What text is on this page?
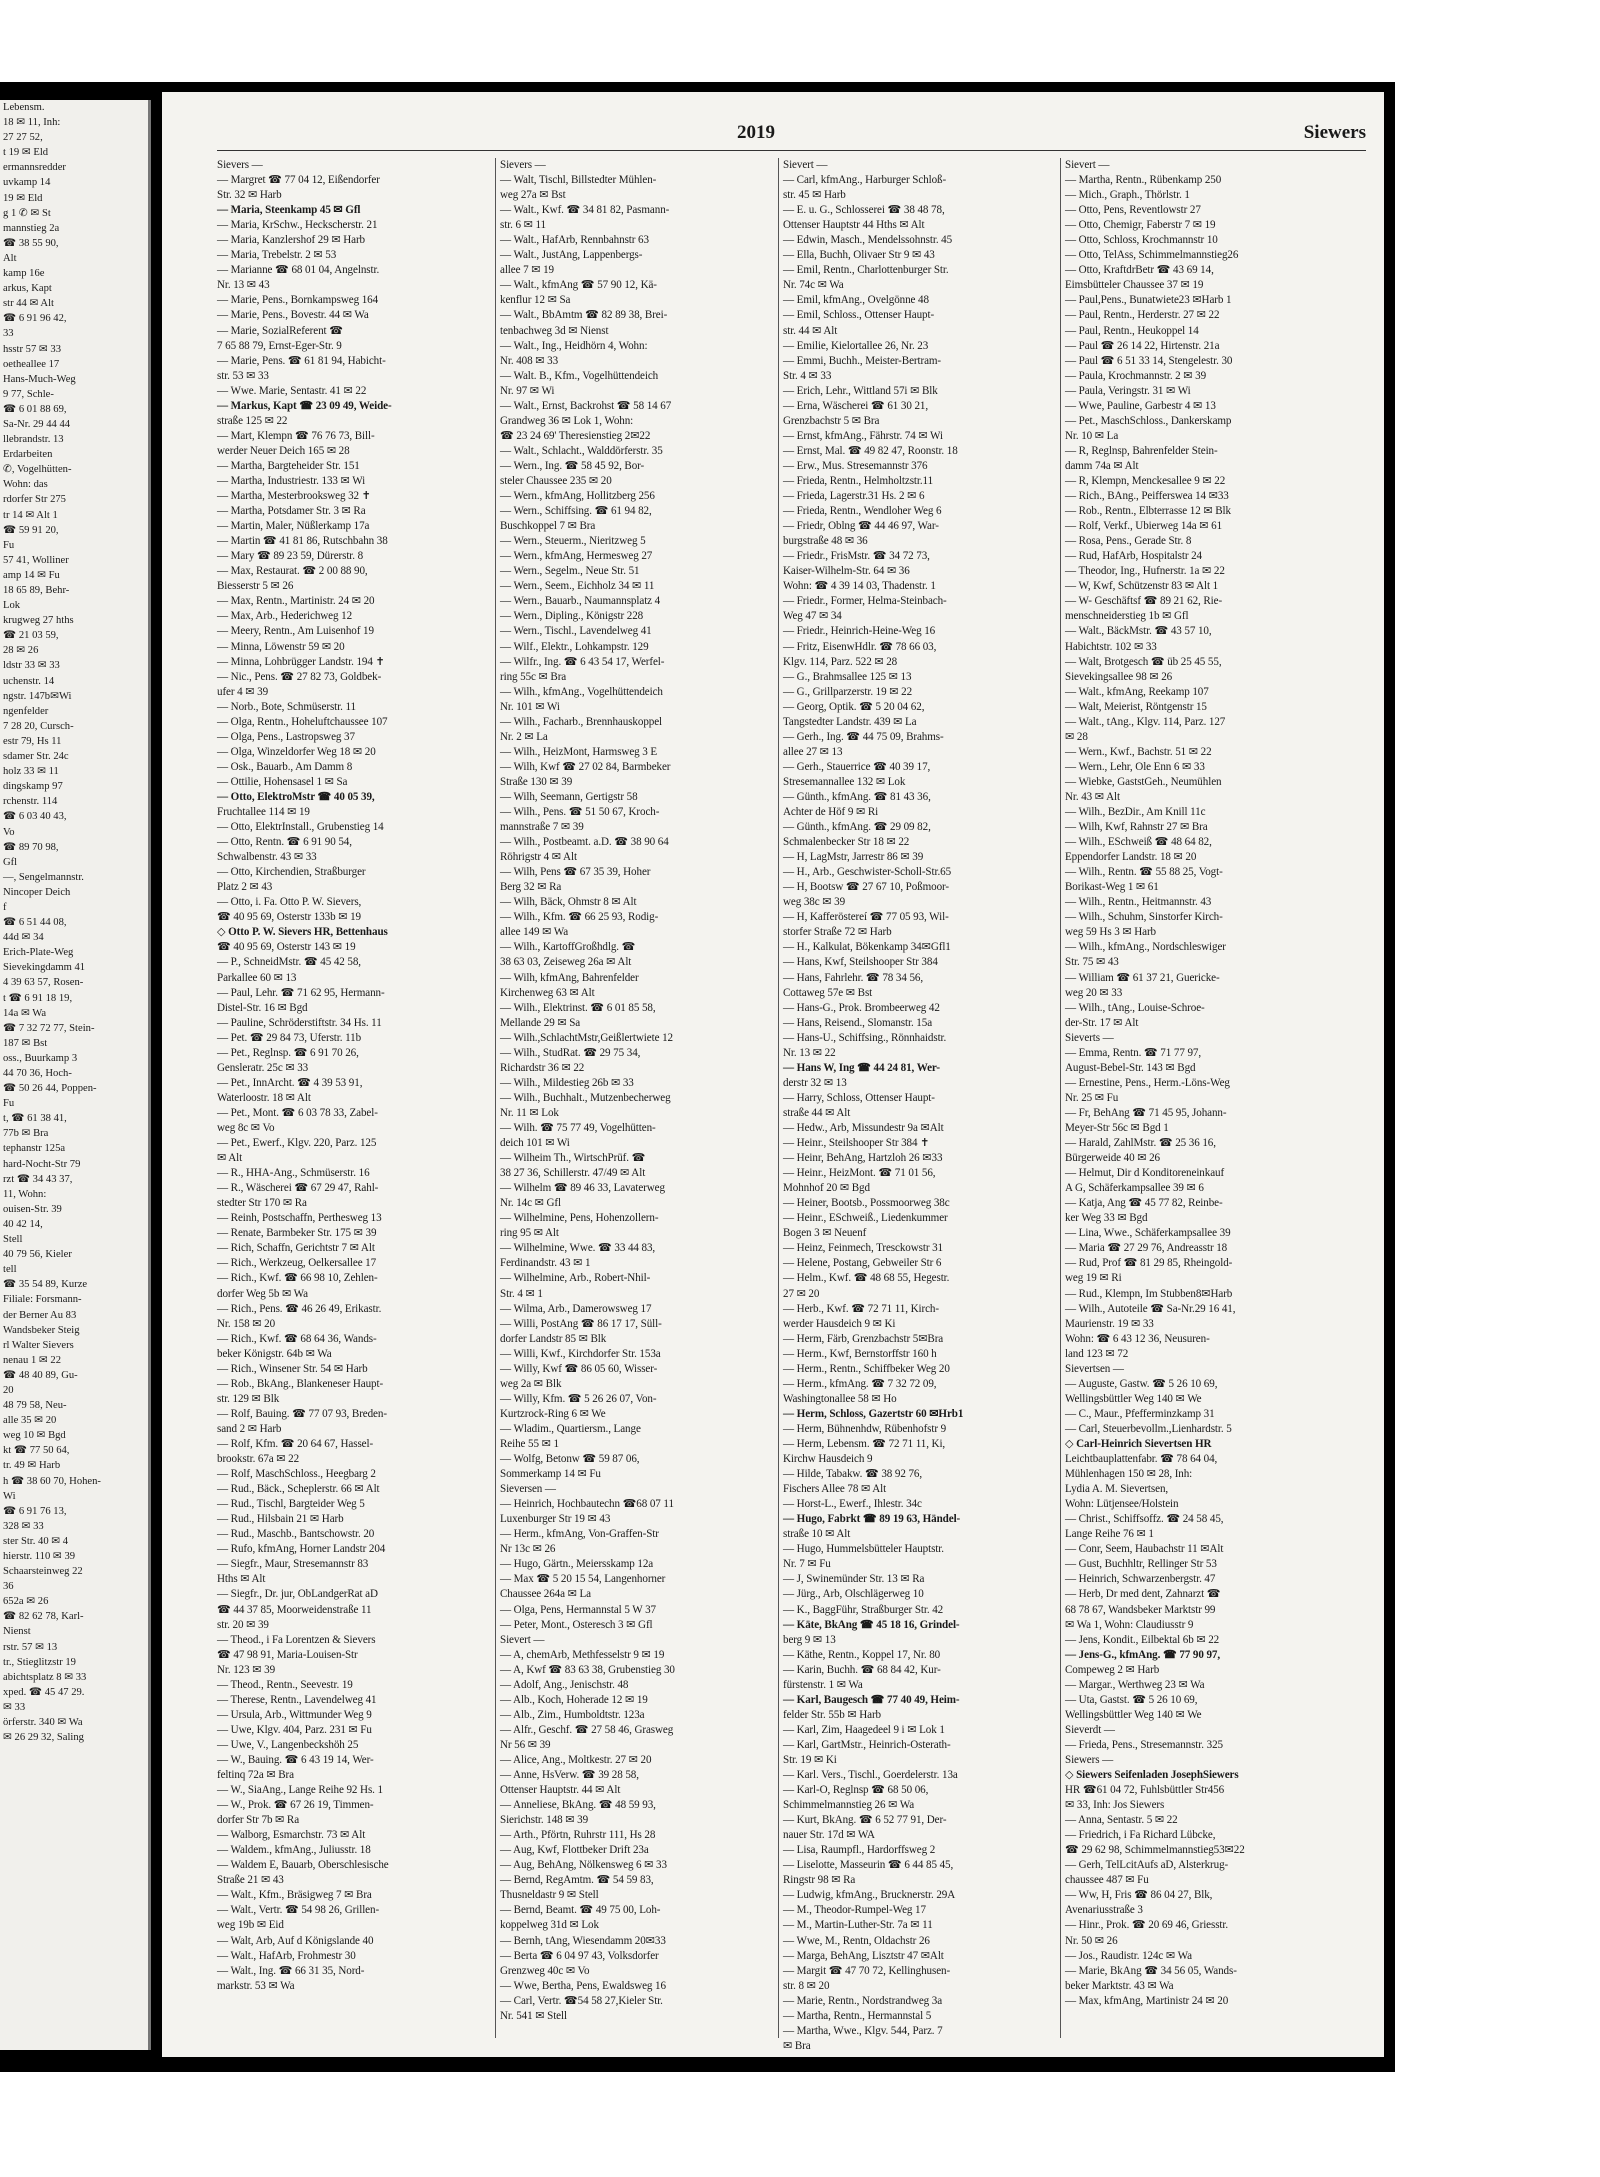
Lebensm.
18 ✉ 11, Inh:
27 27 52,
t 19 ✉ Eld
ermannsredder
uvkamp 14
19 ✉ Eld
g 1 ✆ ✉ St
mannstieg 2a
☎ 38 55 90,
Alt
kamp 16e
arkus, Kapt
str 44 ✉ Alt
☎ 6 91 96 42,
33
hsstr 57 ✉ 33
oetheallee 17
Hans-Much-Weg
9 77, Schle-
☎ 6 01 88 69,
Sa-Nr. 29 44 44
llebrandstr. 13
Erdarbeiten
✆, Vogelhütten-
Wohn: das
rdorfer Str 275
tr 14 ✉ Alt 1
☎ 59 91 20,
Fu
57 41, Wolliner
amp 14 ✉ Fu
18 65 89, Behr-
Lok
krugweg 27 hths
☎ 21 03 59,
28 ✉ 26
ldstr 33 ✉ 33
uchenstr. 14
ngstr. 147b✉Wi
ngenfelder
7 28 20, Cursch-
estr 79, Hs 11
sdamer Str. 24c
holz 33 ✉ 11
dingskamp 97
rchenstr. 114
☎ 6 03 40 43,
Vo
☎ 89 70 98,
Gfl
—, Sengelmannstr.
Nincoper Deich
f
☎ 6 51 44 08,
44d ✉ 34
Erich-Plate-Weg
Sievekingdamm 41
4 39 63 57, Rosen-
t ☎ 6 91 18 19,
14a ✉ Wa
☎ 7 32 72 77, Stein-
187 ✉ Bst
oss., Buurkamp 3
44 70 36, Hoch-
☎ 50 26 44, Poppen-
Fu
t, ☎ 61 38 41,
77b ✉ Bra
tephanstr 125a
hard-Nocht-Str 79
rzt ☎ 34 43 37,
11, Wohn:
ouisen-Str. 39
40 42 14,
Stell
40 79 56, Kieler
tell
☎ 35 54 89, Kurze
Filiale: Forsmann-
der Berner Au 83
Wandsbeker Steig
rl Walter Sievers
nenau 1 ✉ 22
☎ 48 40 89, Gu-
20
48 79 58, Neu-
alle 35 ✉ 20
weg 10 ✉ Bgd
kt ☎ 77 50 64,
tr. 49 ✉ Harb
h ☎ 38 60 70, Hohen-
Wi
☎ 6 91 76 13,
328 ✉ 33
ster Str. 40 ✉ 4
hierstr. 110 ✉ 39
Schaarsteinweg 22
36
652a ✉ 26
☎ 82 62 78, Karl-
Nienst
rstr. 57 ✉ 13
tr., Stieglitzstr 19
abichtsplatz 8 ✉ 33
xped. ☎ 45 47 29.
✉ 33
örferstr. 340 ✉ Wa
✉ 26 29 32, Saling
2019	Siewers
Sievers —
— Margret ☎ 77 04 12, Eißendorfer
Str. 32 ✉ Harb
— Maria, Steenkamp 45 ✉ Gfl
— Maria, KrSchw., Heckscherstr. 21
— Maria, Kanzlershof 29 ✉ Harb
— Maria, Trebelstr. 2 ✉ 53
— Marianne ☎ 68 01 04, Angelnstr.
Nr. 13 ✉ 43
— Marie, Pens., Bornkampsweg 164
— Marie, Pens., Bovestr. 44 ✉ Wa
— Marie, SozialReferent ☎
7 65 88 79, Ernst-Eger-Str. 9
— Marie, Pens. ☎ 61 81 94, Habicht-
str. 53 ✉ 33
— Wwe. Marie, Sentastr. 41 ✉ 22
— Markus, Kapt ☎ 23 09 49, Weide-
straße 125 ✉ 22
— Mart, Klempn ☎ 76 76 73, Bill-
werder Neuer Deich 165 ✉ 28
— Martha, Bargteheider Str. 151
— Martha, Industriestr. 133 ✉ Wi
— Martha, Mesterbrooksweg 32 ✝
— Martha, Potsdamer Str. 3 ✉ Ra
— Martin, Maler, Nüßlerkamp 17a
— Martin ☎ 41 81 86, Rutschbahn 38
— Mary ☎ 89 23 59, Dürerstr. 8
— Max, Restaurat. ☎ 2 00 88 90,
Biesserstr 5 ✉ 26
— Max, Rentn., Martinistr. 24 ✉ 20
— Max, Arb., Hederichweg 12
— Meery, Rentn., Am Luisenhof 19
— Minna, Löwenstr 59 ✉ 20
— Minna, Lohbrügger Landstr. 194 ✝
— Nic., Pens. ☎ 27 82 73, Goldbek-
ufer 4 ✉ 39
— Norb., Bote, Schmüserstr. 11
— Olga, Rentn., Hoheluftchaussee 107
— Olga, Pens., Lastropsweg 37
— Olga, Winzeldorfer Weg 18 ✉ 20
— Osk., Bauarb., Am Damm 8
— Ottilie, Hohensasel 1 ✉ Sa
— Otto, ElektroMstr ☎ 40 05 39,
Fruchtallee 114 ✉ 19
— Otto, ElektrInstall., Grubenstieg 14
— Otto, Rentn. ☎ 6 91 90 54,
Schwalbenstr. 43 ✉ 33
— Otto, Kirchendien, Straßburger
Platz 2 ✉ 43
— Otto, i. Fa. Otto P. W. Sievers,
☎ 40 95 69, Osterstr 133b ✉ 19
◇ Otto P. W. Sievers HR, Bettenhaus
☎ 40 95 69, Osterstr 143 ✉ 19
— P., SchneidMstr. ☎ 45 42 58,
Parkallee 60 ✉ 13
— Paul, Lehr. ☎ 71 62 95, Hermann-
Distel-Str. 16 ✉ Bgd
— Pauline, Schröderstiftstr. 34 Hs. 11
— Pet. ☎ 29 84 73, Uferstr. 11b
— Pet., Reglnsp. ☎ 6 91 70 26,
Gensleratr. 25c ✉ 33
— Pet., InnArcht. ☎ 4 39 53 91,
Waterloostr. 18 ✉ Alt
— Pet., Mont. ☎ 6 03 78 33, Zabel-
weg 8c ✉ Vo
— Pet., Ewerf., Klgv. 220, Parz. 125
✉ Alt
— R., HHA-Ang., Schmüserstr. 16
— R., Wäscherei ☎ 67 29 47, Rahl-
stedter Str 170 ✉ Ra
— Reinh, Postschaffn, Perthesweg 13
— Renate, Barmbeker Str. 175 ✉ 39
— Rich, Schaffn, Gerichtstr 7 ✉ Alt
— Rich., Werkzeug, Oelkersallee 17
— Rich., Kwf. ☎ 66 98 10, Zehlen-
dorfer Weg 5b ✉ Wa
— Rich., Pens. ☎ 46 26 49, Erikastr.
Nr. 158 ✉ 20
— Rich., Kwf. ☎ 68 64 36, Wands-
beker Königstr. 64b ✉ Wa
— Rich., Winsener Str. 54 ✉ Harb
— Rob., BkAng., Blankeneser Haupt-
str. 129 ✉ Blk
— Rolf, Bauing. ☎ 77 07 93, Breden-
sand 2 ✉ Harb
— Rolf, Kfm. ☎ 20 64 67, Hassel-
brookstr. 67a ✉ 22
— Rolf, MaschSchloss., Heegbarg 2
— Rud., Bäck., Scheplerstr. 66 ✉ Alt
— Rud., Tischl, Bargteider Weg 5
— Rud., Hilsbain 21 ✉ Harb
— Rud., Maschb., Bantschowstr. 20
— Rufo, kfmAng, Horner Landstr 204
— Siegfr., Maur, Stresemannstr 83
Hths ✉ Alt
— Siegfr., Dr. jur, ObLandgerRat aD
☎ 44 37 85, Moorweidenstraße 11
str. 20 ✉ 39
— Theod., i Fa Lorentzen & Sievers
☎ 47 98 91, Maria-Louisen-Str
Nr. 123 ✉ 39
— Theod., Rentn., Seevestr. 19
— Therese, Rentn., Lavendelweg 41
— Ursula, Arb., Wittmunder Weg 9
— Uwe, Klgv. 404, Parz. 231 ✉ Fu
— Uwe, V., Langenbeckshöh 25
— W., Bauing. ☎ 6 43 19 14, Wer-
feltinq 72a ✉ Bra
— W., SiaAng., Lange Reihe 92 Hs. 1
— W., Prok. ☎ 67 26 19, Timmen-
dorfer Str 7b ✉ Ra
— Walborg, Esmarchstr. 73 ✉ Alt
— Waldem., kfmAng., Juliusstr. 18
— Waldem E, Bauarb, Oberschlesische
Straße 21 ✉ 43
— Walt., Kfm., Bräsigweg 7 ✉ Bra
— Walt., Vertr. ☎ 54 98 26, Grillen-
weg 19b ✉ Eid
— Walt, Arb, Auf d Königslande 40
— Walt., HafArb, Frohmestr 30
— Walt., Ing. ☎ 66 31 35, Nord-
markstr. 53 ✉ Wa
Sievers —
— Walt, Tischl, Billstedter Mühlen-
weg 27a ✉ Bst
— Walt., Kwf. ☎ 34 81 82, Pasmann-
str. 6 ✉ 11
— Walt., HafArb, Rennbahnstr 63
— Walt., JustAng, Lappenbergs-
allee 7 ✉ 19
— Walt., kfmAng ☎ 57 90 12, Kä-
kenflur 12 ✉ Sa
— Walt., BbAmtm ☎ 82 89 38, Brei-
tenbachweg 3d ✉ Nienst
— Walt., Ing., Heidhörn 4, Wohn:
Nr. 408 ✉ 33
— Walt. B., Kfm., Vogelhüttendeich
Nr. 97 ✉ Wi
— Walt., Ernst, Backrohst ☎ 58 14 67
Grandweg 36 ✉ Lok 1, Wohn:
☎ 23 24 69' Theresienstieg 2✉22
— Walt., Schlacht., Walddörferstr. 35
— Wern., Ing. ☎ 58 45 92, Bor-
steler Chaussee 235 ✉ 20
— Wern., kfmAng, Hollitzberg 256
— Wern., Schiffsing. ☎ 61 94 82,
Buschkoppel 7 ✉ Bra
— Wern., Steuerm., Nieritzweg 5
— Wern., kfmAng, Hermesweg 27
— Wern., Segelm., Neue Str. 51
— Wern., Seem., Eichholz 34 ✉ 11
— Wern., Bauarb., Naumannsplatz 4
— Wern., Dipling., Königstr 228
— Wern., Tischl., Lavendelweg 41
— Wilf., Elektr., Lohkampstr. 129
— Wilfr., Ing. ☎ 6 43 54 17, Werfel-
ring 55c ✉ Bra
— Wilh., kfmAng., Vogelhüttendeich
Nr. 101 ✉ Wi
— Wilh., Facharb., Brennhauskoppel
Nr. 2 ✉ La
— Wilh., HeizMont, Harmsweg 3 E
— Wilh, Kwf ☎ 27 02 84, Barmbeker
Straße 130 ✉ 39
— Wilh, Seemann, Gertigstr 58
— Wilh., Pens. ☎ 51 50 67, Kroch-
mannstraße 7 ✉ 39
— Wilh., Postbeamt. a.D. ☎ 38 90 64
Röhrigstr 4 ✉ Alt
— Wilh, Pens ☎ 67 35 39, Hoher
Berg 32 ✉ Ra
— Wilh, Bäck, Ohmstr 8 ✉ Alt
— Wilh., Kfm. ☎ 66 25 93, Rodig-
allee 149 ✉ Wa
— Wilh., KartoffGroßhdlg. ☎
38 63 03, Zeiseweg 26a ✉ Alt
— Wilh, kfmAng, Bahrenfelder
Kirchenweg 63 ✉ Alt
— Wilh., Elektrinst. ☎ 6 01 85 58,
Mellande 29 ✉ Sa
— Wilh.,SchlachtMstr,Geißlertwiete 12
— Wilh., StudRat. ☎ 29 75 34,
Richardstr 36 ✉ 22
— Wilh., Mildestieg 26b ✉ 33
— Wilh., Buchhalt., Mutzenbecherweg
Nr. 11 ✉ Lok
— Wilh. ☎ 75 77 49, Vogelhütten-
deich 101 ✉ Wi
— Wilheim Th., WirtschPrüf. ☎
38 27 36, Schillerstr. 47/49 ✉ Alt
— Wilhelm ☎ 89 46 33, Lavaterweg
Nr. 14c ✉ Gfl
— Wilhelmine, Pens, Hohenzollern-
ring 95 ✉ Alt
— Wilhelmine, Wwe. ☎ 33 44 83,
Ferdinandstr. 43 ✉ 1
— Wilhelmine, Arb., Robert-Nhil-
Str. 4 ✉ 1
— Wilma, Arb., Damerowsweg 17
— Willi, PostAng ☎ 86 17 17, Süll-
dorfer Landstr 85 ✉ Blk
— Willi, Kwf., Kirchdorfer Str. 153a
— Willy, Kwf ☎ 86 05 60, Wisser-
weg 2a ✉ Blk
— Willy, Kfm. ☎ 5 26 26 07, Von-
Kurtzrock-Ring 6 ✉ We
— Wladim., Quartiersm., Lange
Reihe 55 ✉ 1
— Wolfg, Betonw ☎ 59 87 06,
Sommerkamp 14 ✉ Fu
Sieversen —
— Heinrich, Hochbautechn ☎68 07 11
Luxenburger Str 19 ✉ 43
— Herm., kfmAng, Von-Graffen-Str
Nr 13c ✉ 26
— Hugo, Gärtn., Meiersskamp 12a
— Max ☎ 5 20 15 54, Langenhorner
Chaussee 264a ✉ La
— Olga, Pens, Hermannstal 5 W 37
— Peter, Mont., Osteresch 3 ✉ Gfl
Sievert —
— A, chemArb, Methfesselstr 9 ✉ 19
— A, Kwf ☎ 83 63 38, Grubenstieg 30
— Adolf, Ang., Jenischstr. 48
— Alb., Koch, Hoherade 12 ✉ 19
— Alb., Zim., Humboldtstr. 123a
— Alfr., Geschf. ☎ 27 58 46, Grasweg
Nr 56 ✉ 39
— Alice, Ang., Moltkestr. 27 ✉ 20
— Anne, HsVerw. ☎ 39 28 58,
Ottenser Hauptstr. 44 ✉ Alt
— Anneliese, BkAng. ☎ 48 59 93,
Sierichstr. 148 ✉ 39
— Arth., Pförtn, Ruhrstr 111, Hs 28
— Aug, Kwf, Flottbeker Drift 23a
— Aug, BehAng, Nölkensweg 6 ✉ 33
— Bernd, RegAmtm. ☎ 54 59 83,
Thusneldastr 9 ✉ Stell
— Bernd, Beamt. ☎ 49 75 00, Loh-
koppelweg 31d ✉ Lok
— Bernh, tAng, Wiesendamm 20✉33
— Berta ☎ 6 04 97 43, Volksdorfer
Grenzweg 40c ✉ Vo
— Wwe, Bertha, Pens, Ewaldsweg 16
— Carl, Vertr. ☎54 58 27,Kieler Str.
Nr. 541 ✉ Stell
Sievert —
— Carl, kfmAng., Harburger Schloß-
str. 45 ✉ Harb
— E. u. G., Schlosserei ☎ 38 48 78,
Ottenser Hauptstr 44 Hths ✉ Alt
— Edwin, Masch., Mendelssohnstr. 45
— Ella, Buchh, Olivaer Str 9 ✉ 43
— Emil, Rentn., Charlottenburger Str.
Nr. 74c ✉ Wa
— Emil, kfmAng., Ovelgönne 48
— Emil, Schloss., Ottenser Haupt-
str. 44 ✉ Alt
— Emilie, Kielortallee 26, Nr. 23
— Emmi, Buchh., Meister-Bertram-
Str. 4 ✉ 33
— Erich, Lehr., Wittland 57i ✉ Blk
— Erna, Wäscherei ☎ 61 30 21,
Grenzbachstr 5 ✉ Bra
— Ernst, kfmAng., Fährstr. 74 ✉ Wi
— Ernst, Mal. ☎ 49 82 47, Roonstr. 18
— Erw., Mus. Stresemannstr 376
— Frieda, Rentn., Helmholtzstr.11
— Frieda, Lagerstr.31 Hs. 2 ✉ 6
— Frieda, Rentn., Wendloher Weg 6
— Friedr, Oblng ☎ 44 46 97, War-
burgstraße 48 ✉ 36
— Friedr., FrisMstr. ☎ 34 72 73,
Kaiser-Wilhelm-Str. 64 ✉ 36
Wohn: ☎ 4 39 14 03, Thadenstr. 1
— Friedr., Former, Helma-Steinbach-
Weg 47 ✉ 34
— Friedr., Heinrich-Heine-Weg 16
— Fritz, EisenwHdlr. ☎ 78 66 03,
Klgv. 114, Parz. 522 ✉ 28
— G., Brahmsallee 125 ✉ 13
— G., Grillparzerstr. 19 ✉ 22
— Georg, Optik. ☎ 5 20 04 62,
Tangstedter Landstr. 439 ✉ La
— Gerh., Ing. ☎ 44 75 09, Brahms-
allee 27 ✉ 13
— Gerh., Stauerrice ☎ 40 39 17,
Stresemannallee 132 ✉ Lok
— Günth., kfmAng. ☎ 81 43 36,
Achter de Höf 9 ✉ Ri
— Günth., kfmAng. ☎ 29 09 82,
Schmalenbecker Str 18 ✉ 22
— H, LagMstr, Jarrestr 86 ✉ 39
— H., Arb., Geschwister-Scholl-Str.65
— H, Bootsw ☎ 27 67 10, Poßmoor-
weg 38c ✉ 39
— H, Kafferöstereí ☎ 77 05 93, Wil-
storfer Straße 72 ✉ Harb
— H., Kalkulat, Bökenkamp 34✉Gfl1
— Hans, Kwf, Steilshooper Str 384
— Hans, Fahrlehr. ☎ 78 34 56,
Cottaweg 57e ✉ Bst
— Hans-G., Prok. Brombeerweg 42
— Hans, Reisend., Slomanstr. 15a
— Hans-U., Schiffsing., Rönnhaidstr.
Nr. 13 ✉ 22
— Hans W, Ing ☎ 44 24 81, Wer-
derstr 32 ✉ 13
— Harry, Schloss, Ottenser Haupt-
straße 44 ✉ Alt
— Hedw., Arb, Missundestr 9a ✉Alt
— Heinr., Steilshooper Str 384 ✝
— Heinr, BehAng, Hartzloh 26 ✉33
— Heinr., HeizMont. ☎ 71 01 56,
Mohnhof 20 ✉ Bgd
— Heiner, Bootsb., Possmoorweg 38c
— Heinr., ESchweiß., Liedenkummer
Bogen 3 ✉ Neuenf
— Heinz, Feinmech, Tresckowstr 31
— Helene, Postang, Gebweiler Str 6
— Helm., Kwf. ☎ 48 68 55, Hegestr.
27 ✉ 20
— Herb., Kwf. ☎ 72 71 11, Kirch-
werder Hausdeich 9 ✉ Ki
— Herm, Färb, Grenzbachstr 5✉Bra
— Herm., Kwf, Bernstorffstr 160 h
— Herm., Rentn., Schiffbeker Weg 20
— Herm., kfmAng. ☎ 7 32 72 09,
Washingtonallee 58 ✉ Ho
— Herm, Schloss, Gazertstr 60 ✉Hrb1
— Herm, Bühnenhdw, Rübenhofstr 9
— Herm, Lebensm. ☎ 72 71 11, Ki,
Kirchw Hausdeich 9
— Hilde, Tabakw. ☎ 38 92 76,
Fischers Allee 78 ✉ Alt
— Horst-L., Ewerf., Ihlestr. 34c
— Hugo, Fabrkt ☎ 89 19 63, Händel-
straße 10 ✉ Alt
— Hugo, Hummelsbütteler Hauptstr.
Nr. 7 ✉ Fu
— J, Swinemünder Str. 13 ✉ Ra
— Jürg., Arb, Olschlägerweg 10
— K., BaggFühr, Straßburger Str. 42
— Käte, BkAng ☎ 45 18 16, Grindel-
berg 9 ✉ 13
— Käthe, Rentn., Koppel 17, Nr. 80
— Karin, Buchh. ☎ 68 84 42, Kur-
fürstenstr. 1 ✉ Wa
— Karl, Baugesch ☎ 77 40 49, Heim-
felder Str. 55b ✉ Harb
— Karl, Zim, Haagedeel 9 i ✉ Lok 1
— Karl, GartMstr., Heinrich-Osterath-
Str. 19 ✉ Ki
— Karl. Vers., Tischl., Goerdelerstr. 13a
— Karl-O, Reglnsp ☎ 68 50 06,
Schimmelmannstieg 26 ✉ Wa
— Kurt, BkAng. ☎ 6 52 77 91, Der-
nauer Str. 17d ✉ WA
— Lisa, Raumpfl., Hardorffsweg 2
— Liselotte, Masseurin ☎ 6 44 85 45,
Ringstr 98 ✉ Ra
— Ludwig, kfmAng., Brucknerstr. 29A
— M., Theodor-Rumpel-Weg 17
— M., Martin-Luther-Str. 7a ✉ 11
— Wwe, M., Rentn, Oldachstr 26
— Marga, BehAng, Lisztstr 47 ✉Alt
— Margit ☎ 47 70 72, Kellinghusen-
str. 8 ✉ 20
— Marie, Rentn., Nordstrandweg 3a
— Martha, Rentn., Hermannstal 5
— Martha, Wwe., Klgv. 544, Parz. 7
✉ Bra
Sievert —
— Martha, Rentn., Rübenkamp 250
— Mich., Graph., Thörlstr. 1
— Otto, Pens, Reventlowstr 27
— Otto, Chemigr, Faberstr 7 ✉ 19
— Otto, Schloss, Krochmannstr 10
— Otto, TelAss, Schimmelmannstieg26
— Otto, KraftdrBetr ☎ 43 69 14,
Eimsbütteler Chaussee 37 ✉ 19
— Paul,Pens., Bunatwiete23 ✉Harb 1
— Paul, Rentn., Herderstr. 27 ✉ 22
— Paul, Rentn., Heukoppel 14
— Paul ☎ 26 14 22, Hirtenstr. 21a
— Paul ☎ 6 51 33 14, Stengelestr. 30
— Paula, Krochmannstr. 2 ✉ 39
— Paula, Veringstr. 31 ✉ Wi
— Wwe, Pauline, Garbestr 4 ✉ 13
— Pet., MaschSchloss., Dankerskamp
Nr. 10 ✉ La
— R, Reglnsp, Bahrenfelder Stein-
damm 74a ✉ Alt
— R, Klempn, Menckesallee 9 ✉ 22
— Rich., BAng., Peifferswea 14 ✉33
— Rob., Rentn., Elbterrasse 12 ✉ Blk
— Rolf, Verkf., Ubierweg 14a ✉ 61
— Rosa, Pens., Gerade Str. 8
— Rud, HafArb, Hospitalstr 24
— Theodor, Ing., Hufnerstr. 1a ✉ 22
— W, Kwf, Schützenstr 83 ✉ Alt 1
— W- Geschäftsf ☎ 89 21 62, Rie-
menschneiderstieg 1b ✉ Gfl
— Walt., BäckMstr. ☎ 43 57 10,
Habichtstr. 102 ✉ 33
— Walt, Brotgesch ☎ üb 25 45 55,
Sievekingsallee 98 ✉ 26
— Walt., kfmAng, Reekamp 107
— Walt, Meierist, Röntgenstr 15
— Walt., tAng., Klgv. 114, Parz. 127
✉ 28
— Wern., Kwf., Bachstr. 51 ✉ 22
— Wern., Lehr, Ole Enn 6 ✉ 33
— Wiebke, GaststGeh., Neumühlen
Nr. 43 ✉ Alt
— Wilh., BezDir., Am Knill 11c
— Wilh, Kwf, Rahnstr 27 ✉ Bra
— Wilh., ESchweiß ☎ 48 64 82,
Eppendorfer Landstr. 18 ✉ 20
— Wilh., Rentn. ☎ 55 88 25, Vogt-
Borikast-Weg 1 ✉ 61
— Wilh., Rentn., Heitmannstr. 43
— Wilh., Schuhm, Sinstorfer Kirch-
weg 59 Hs 3 ✉ Harb
— Wilh., kfmAng., Nordschleswiger
Str. 75 ✉ 43
— William ☎ 61 37 21, Guericke-
weg 20 ✉ 33
— Wilh., tAng., Louise-Schroe-
der-Str. 17 ✉ Alt
Sieverts —
— Emma, Rentn. ☎ 71 77 97,
August-Bebel-Str. 143 ✉ Bgd
— Ernestine, Pens., Herm.-Löns-Weg
Nr. 25 ✉ Fu
— Fr, BehAng ☎ 71 45 95, Johann-
Meyer-Str 56c ✉ Bgd 1
— Harald, ZahlMstr. ☎ 25 36 16,
Bürgerweide 40 ✉ 26
— Helmut, Dir d Konditoreneinkauf
A G, Schäferkampsallee 39 ✉ 6
— Katja, Ang ☎ 45 77 82, Reinbe-
ker Weg 33 ✉ Bgd
— Lina, Wwe., Schäferkampsallee 39
— Maria ☎ 27 29 76, Andreasstr 18
— Rud, Prof ☎ 81 29 85, Rheingold-
weg 19 ✉ Ri
— Rud., Klempn, Im Stubben8✉Harb
— Wilh., Autoteile ☎ Sa-Nr.29 16 41,
Maurienstr. 19 ✉ 33
Wohn: ☎ 6 43 12 36, Neusuren-
land 123 ✉ 72
Sievertsen —
— Auguste, Gastw. ☎ 5 26 10 69,
Wellingsbüttler Weg 140 ✉ We
— C., Maur., Pfefferminzkamp 31
— Carl, Steuerbevollm.,Lienhardstr. 5
◇ Carl-Heinrich Sievertsen HR
Leichtbauplattenfabr. ☎ 78 64 04,
Mühlenhagen 150 ✉ 28, Inh:
Lydia A. M. Sievertsen,
Wohn: Lütjensee/Holstein
— Christ., Schiffsoffz. ☎ 24 58 45,
Lange Reihe 76 ✉ 1
— Conr, Seem, Haubachstr 11 ✉Alt
— Gust, Buchhltr, Rellinger Str 53
— Heinrich, Schwarzenbergstr. 47
— Herb, Dr med dent, Zahnarzt ☎
68 78 67, Wandsbeker Marktstr 99
✉ Wa 1, Wohn: Claudiusstr 9
— Jens, Kondit., Eilbektal 6b ✉ 22
— Jens-G., kfmAng. ☎ 77 90 97,
Compeweg 2 ✉ Harb
— Margar., Werthweg 23 ✉ Wa
— Uta, Gastst. ☎ 5 26 10 69,
Wellingsbüttler Weg 140 ✉ We
Sieverdt —
— Frieda, Pens., Stresemannstr. 325
Siewers —
◇ Siewers Seifenladen JosephSiewers
HR ☎61 04 72, Fuhlsbüttler Str456
✉ 33, Inh: Jos Siewers
— Anna, Sentastr. 5 ✉ 22
— Friedrich, i Fa Richard Lübcke,
☎ 29 62 98, Schimmelmannstieg53✉22
— Gerh, TelLcitAufs aD, Alsterkrug-
chaussee 487 ✉ Fu
— Ww, H, Fris ☎ 86 04 27, Blk,
Avenariusstraße 3
— Hinr., Prok. ☎ 20 69 46, Griesstr.
Nr. 50 ✉ 26
— Jos., Raudistr. 124c ✉ Wa
— Marie, BkAng ☎ 34 56 05, Wands-
beker Marktstr. 43 ✉ Wa
— Max, kfmAng, Martinistr 24 ✉ 20
